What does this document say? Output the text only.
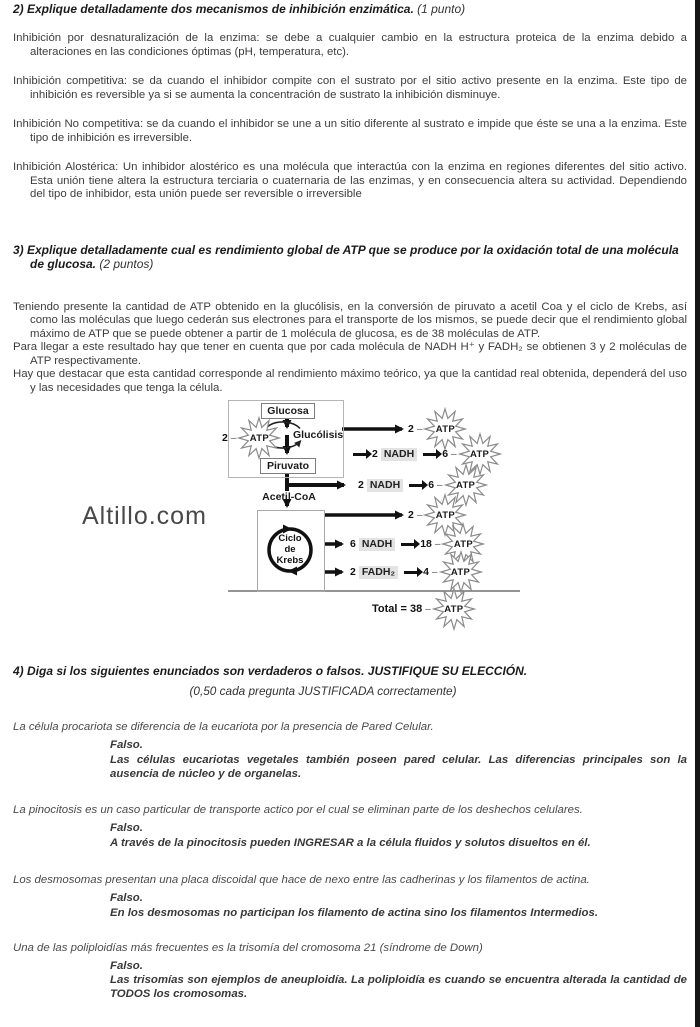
2) Explique detalladamente dos mecanismos de inhibición enzimática. (1 punto)
Inhibición por desnaturalización de la enzima: se debe a cualquier cambio en la estructura proteica de la enzima debido a alteraciones en las condiciones óptimas (pH, temperatura, etc).
Inhibición competitiva: se da cuando el inhibidor compite con el sustrato por el sitio activo presente en la enzima. Este tipo de inhibición es reversible ya si se aumenta la concentración de sustrato la inhibición disminuye.
Inhibición No competitiva: se da cuando el inhibidor se une a un sitio diferente al sustrato e impide que éste se una a la enzima. Este tipo de inhibición es irreversible.
Inhibición Alostérica: Un inhibidor alostérico es una molécula que interactúa con la enzima en regiones diferentes del sitio activo. Esta unión tiene altera la estructura terciaria o cuaternaria de las enzimas, y en consecuencia altera su actividad. Dependiendo del tipo de inhibidor, esta unión puede ser reversible o irreversible
3) Explique detalladamente cual es rendimiento global de ATP que se produce por la oxidación total de una molécula de glucosa. (2 puntos)
Teniendo presente la cantidad de ATP obtenido en la glucólisis, en la conversión de piruvato a acetil Coa y el ciclo de Krebs, así como las moléculas que luego cederán sus electrones para el transporte de los mismos, se puede decir que el rendimiento global máximo de ATP que se puede obtener a partir de 1 molécula de glucosa, es de 38 moléculas de ATP.
Para llegar a este resultado hay que tener en cuenta que por cada molécula de NADH H⁺ y FADH₂ se obtienen 3 y 2 moléculas de ATP respectivamente.
Hay que destacar que esta cantidad corresponde al rendimiento máximo teórico, ya que la cantidad real obtenida, dependerá del uso y las necesidades que tenga la célula.
Glucosa
Glucólisis
Piruvato
Acetil-CoA
Ciclo
de
Krebs
2 –	ATP
2 –	ATP
2 NADH	6 –	ATP
2 NADH	6 –	ATP
2 –	ATP
6 NADH	18 –	ATP
2 FADH₂	4 –	ATP
Total = 38 –	ATP
Altillo.com
4) Diga si los siguientes enunciados son verdaderos o falsos. JUSTIFIQUE SU ELECCIÓN.
(0,50 cada pregunta JUSTIFICADA correctamente)
La célula procariota se diferencia de la eucariota por la presencia de Pared Celular.
Falso.
Las células eucariotas vegetales también poseen pared celular. Las diferencias principales son la ausencia de núcleo y de organelas.
La pinocitosis es un caso particular de transporte actico por el cual se eliminan parte de los deshechos celulares.
Falso.
A través de la pinocitosis pueden INGRESAR a la célula fluidos y solutos disueltos en él.
Los desmosomas presentan una placa discoidal que hace de nexo entre las cadherinas y los filamentos de actina.
Falso.
En los desmosomas no participan los filamento de actina sino los filamentos Intermedios.
Una de las poliploidías más frecuentes es la trisomía del cromosoma 21 (síndrome de Down)
Falso.
Las trisomías son ejemplos de aneuploidía. La poliploidía es cuando se encuentra alterada la cantidad de TODOS los cromosomas.
